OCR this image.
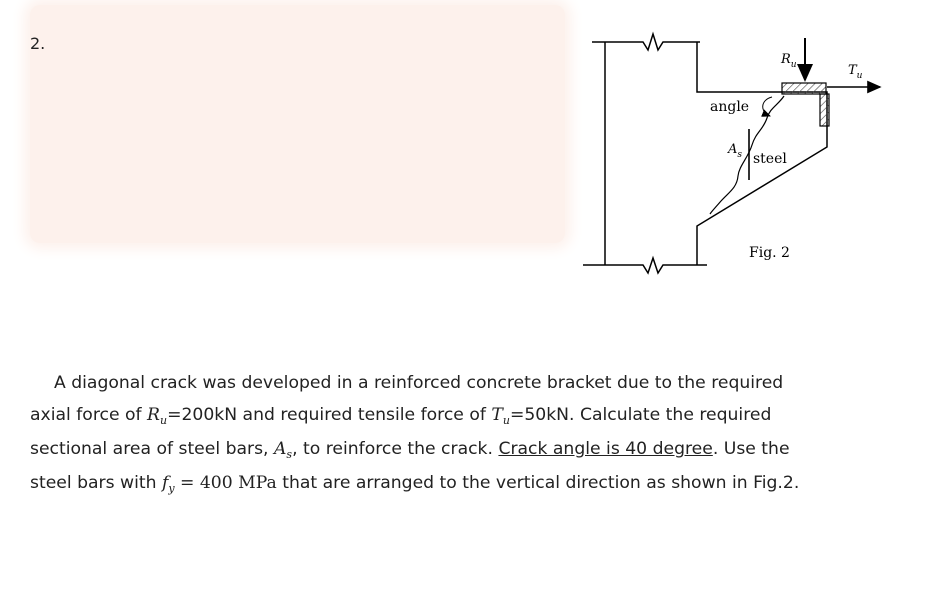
2.
$R_u$	$T_u$
angle
$A_s$ steel
Fig. 2

A diagonal crack was developed in a reinforced concrete bracket due to the required

axial force of $R_u=200kN$ and required tensile force of $T_u=50kN$. Calculate the required

sectional area of steel bars, $A_s$, to reinforce the crack. Crack angle is 40 degree. Use the

steel bars with $f_y = 400$ MPa that are arranged to the vertical direction as shown in Fig.2.
